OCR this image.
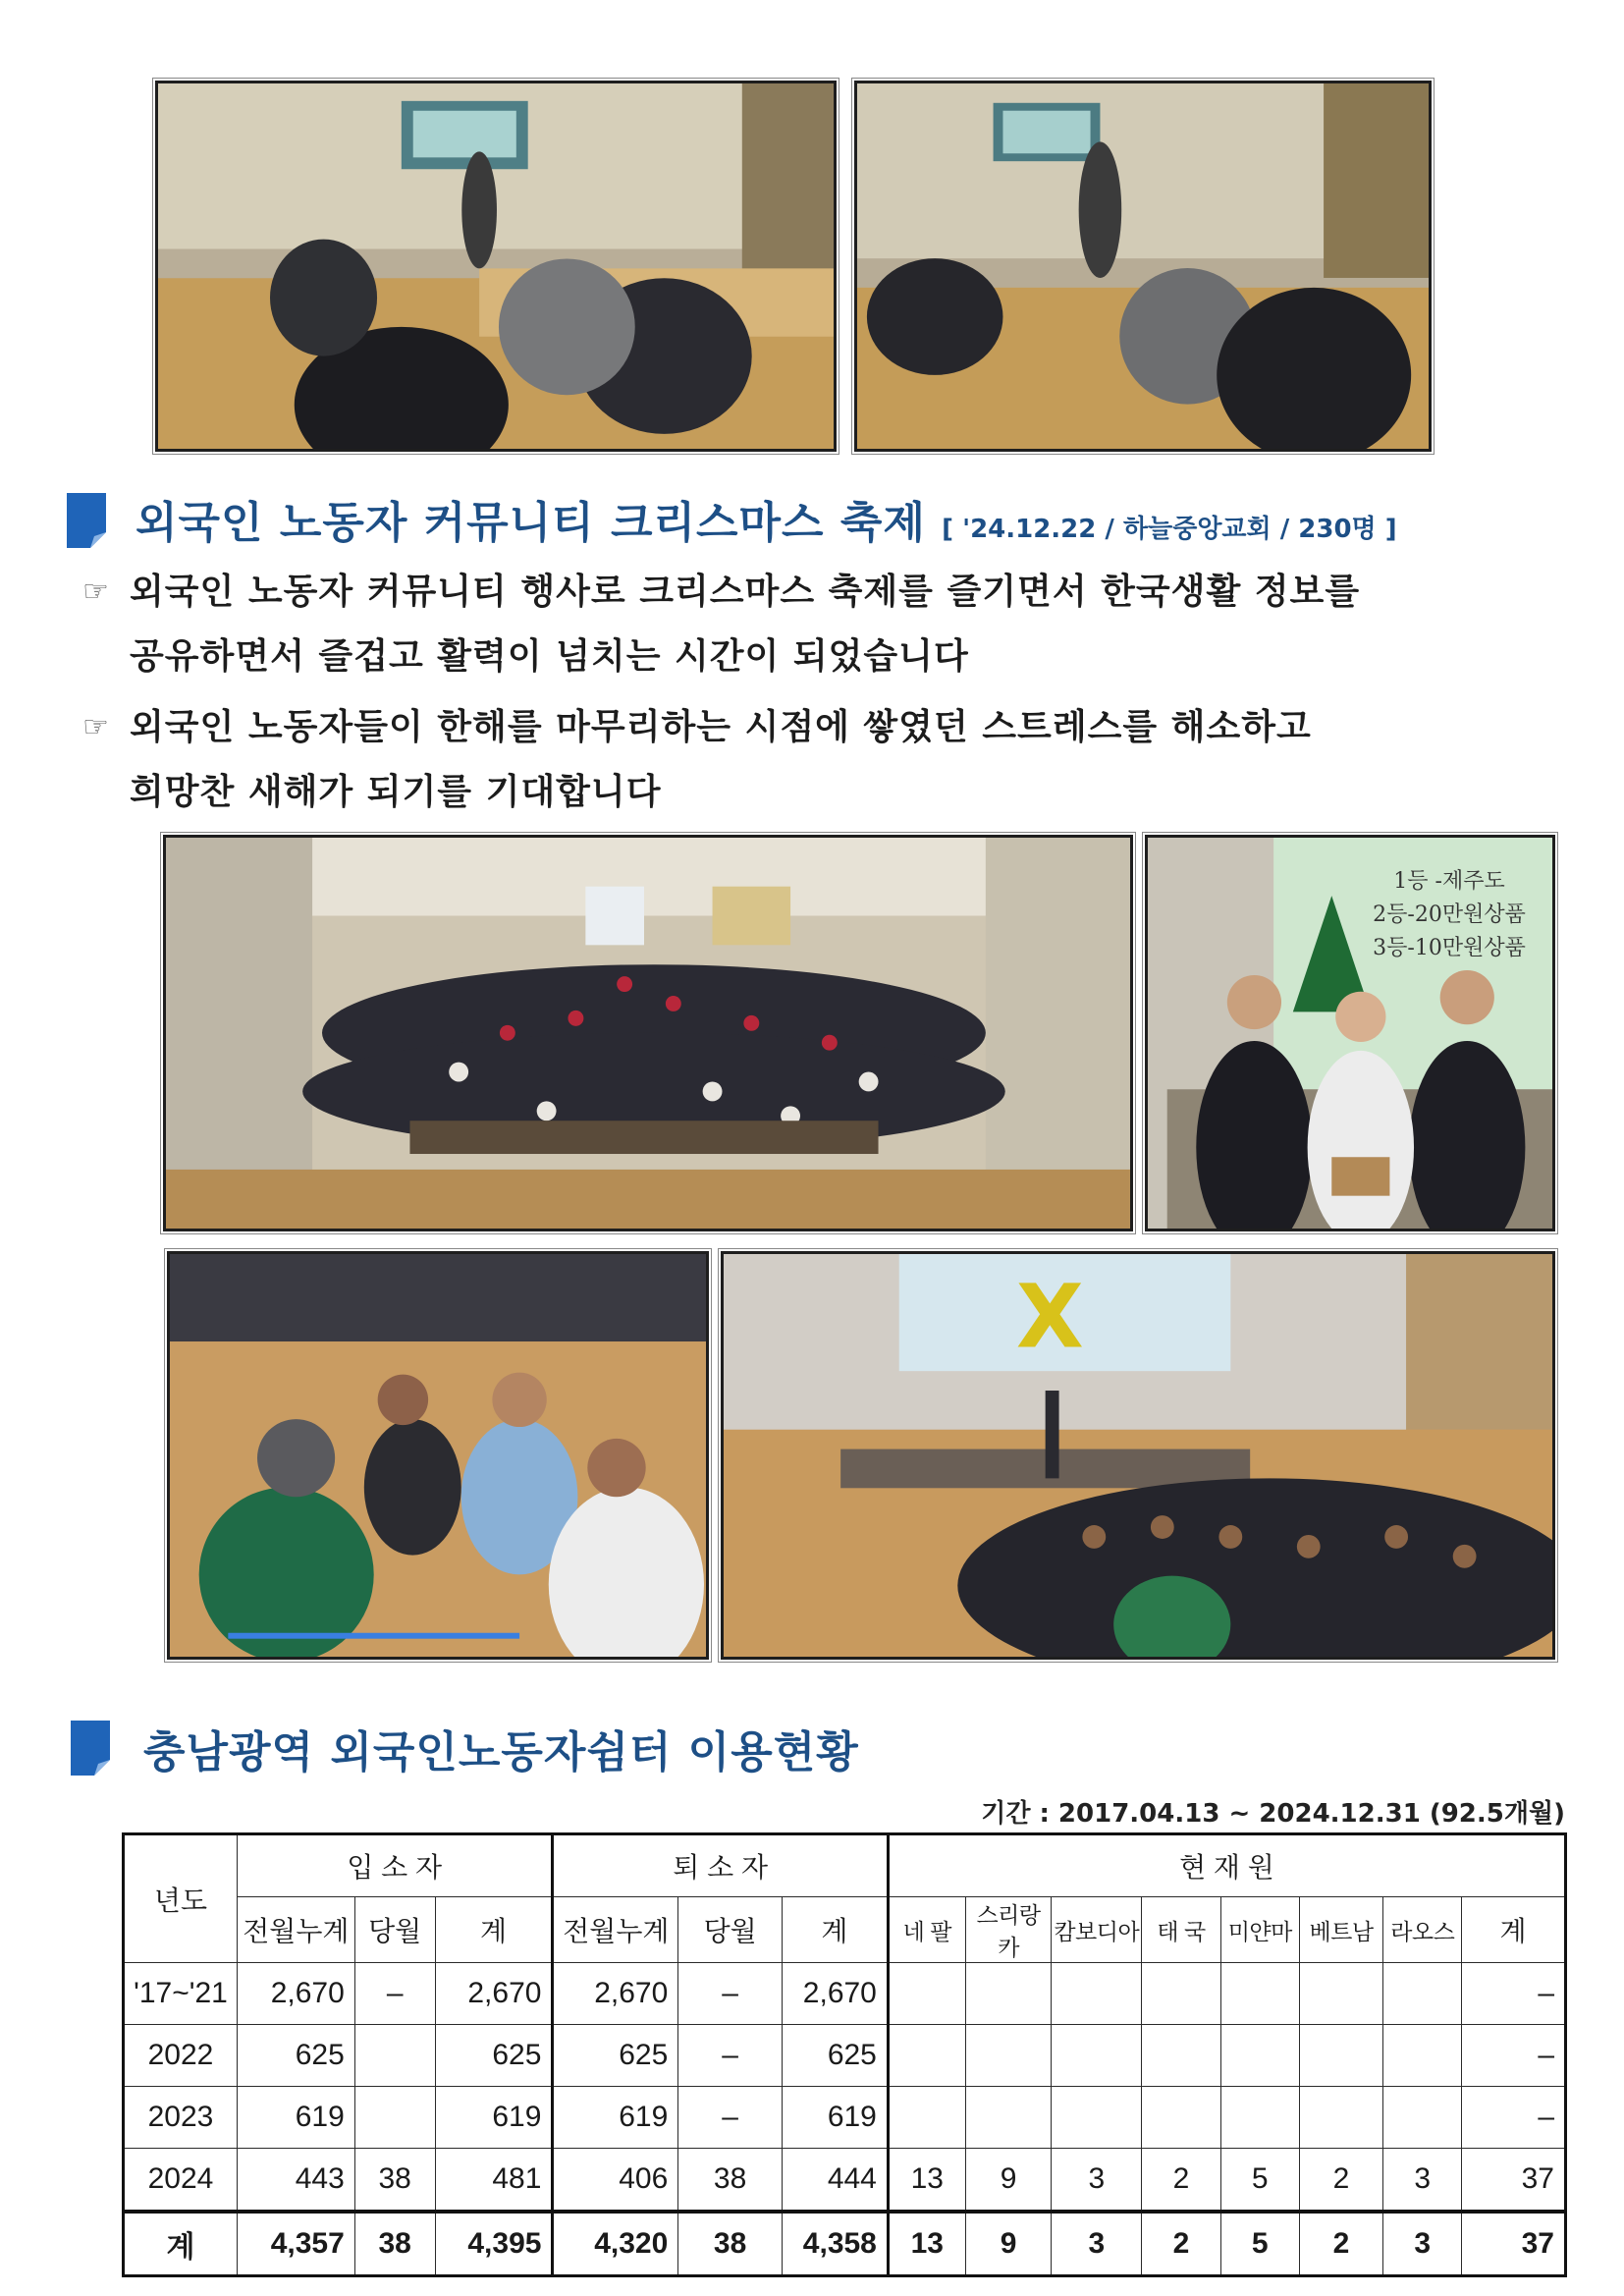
외국인 노동자 커뮤니티 크리스마스 축제 [ '24.12.22 / 하늘중앙교회 / 230명 ]
☞ 외국인 노동자 커뮤니티 행사로 크리스마스 축제를 즐기면서 한국생활 정보를
공유하면서 즐겁고 활력이 넘치는 시간이 되었습니다
☞ 외국인 노동자들이 한해를 마무리하는 시점에 쌓였던 스트레스를 해소하고
희망찬 새해가 되기를 기대합니다
1등 -제주도
2등-20만원상품
3등-10만원상품
X
충남광역 외국인노동자쉼터 이용현황
기간 : 2017.04.13 ~ 2024.12.31 (92.5개월)
년도	입 소 자			퇴 소 자			현 재 원							
	전월누계	당월	계	전월누계	당월	계	네 팔	스리랑카	캄보디아	태 국	미얀마	베트남	라오스	계
'17~'21	2,670	–	2,670	2,670	–	2,670								–
2022	625		625	625	–	625								–
2023	619		619	619	–	619								–
2024	443	38	481	406	38	444	13	9	3	2	5	2	3	37
계	4,357	38	4,395	4,320	38	4,358	13	9	3	2	5	2	3	37
